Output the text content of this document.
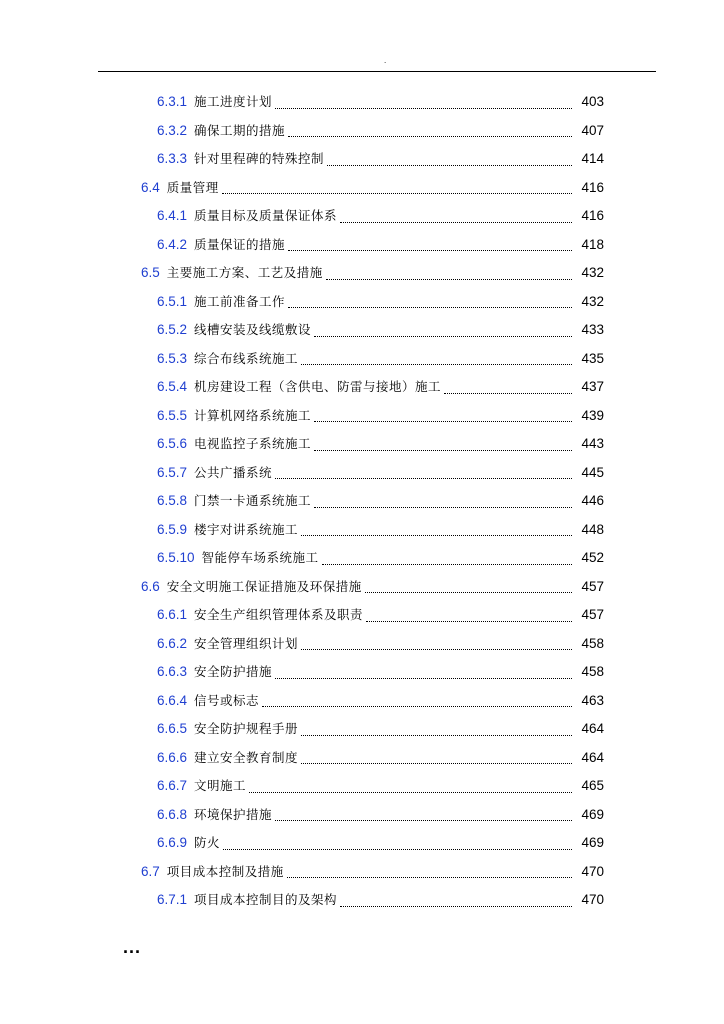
.
6.3.1 施工进度计划	403
6.3.2 确保工期的措施	407
6.3.3 针对里程碑的特殊控制	414
6.4 质量管理	416
6.4.1 质量目标及质量保证体系	416
6.4.2 质量保证的措施	418
6.5 主要施工方案、工艺及措施	432
6.5.1 施工前准备工作	432
6.5.2 线槽安装及线缆敷设	433
6.5.3 综合布线系统施工	435
6.5.4 机房建设工程（含供电、防雷与接地）施工	437
6.5.5 计算机网络系统施工	439
6.5.6 电视监控子系统施工	443
6.5.7 公共广播系统	445
6.5.8 门禁一卡通系统施工	446
6.5.9 楼宇对讲系统施工	448
6.5.10 智能停车场系统施工	452
6.6 安全文明施工保证措施及环保措施	457
6.6.1 安全生产组织管理体系及职责	457
6.6.2 安全管理组织计划	458
6.6.3 安全防护措施	458
6.6.4 信号或标志	463
6.6.5 安全防护规程手册	464
6.6.6 建立安全教育制度	464
6.6.7 文明施工	465
6.6.8 环境保护措施	469
6.6.9 防火	469
6.7 项目成本控制及措施	470
6.7.1 项目成本控制目的及架构	470
...
